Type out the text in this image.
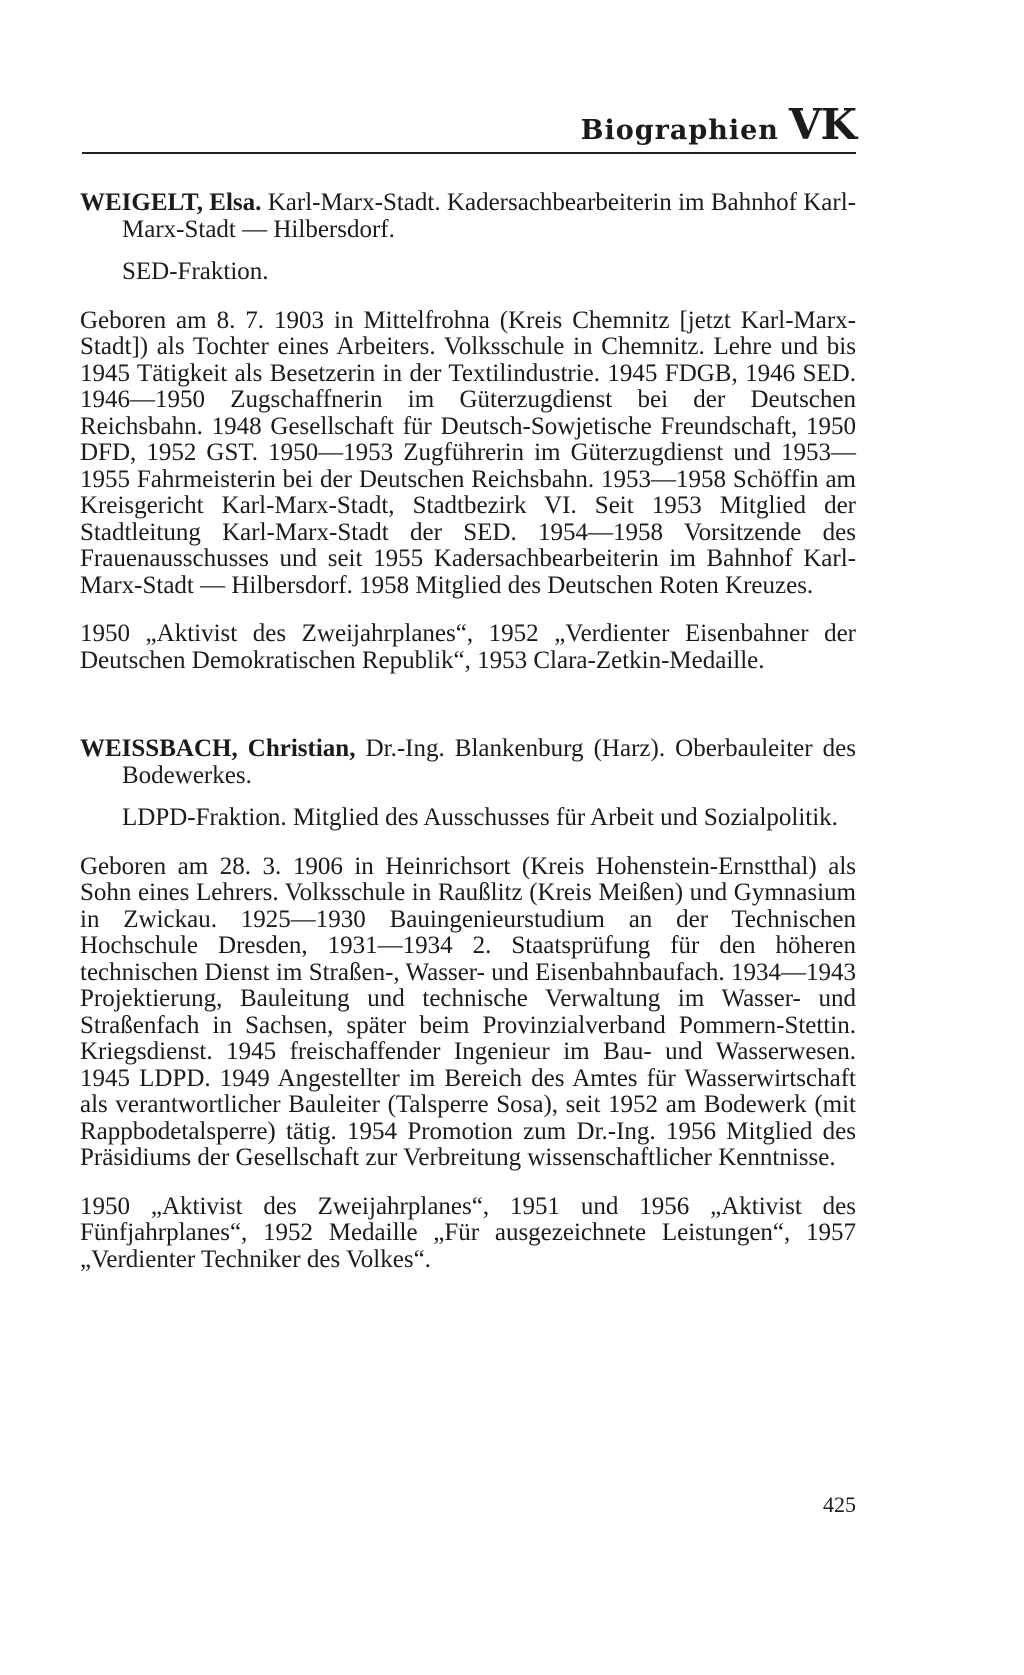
Biographien VK

WEIGELT, Elsa. Karl-Marx-Stadt. Kadersachbearbeiterin im Bahnhof Karl-Marx-Stadt — Hilbersdorf.

SED-Fraktion.

Geboren am 8. 7. 1903 in Mittelfrohna (Kreis Chemnitz [jetzt Karl-Marx-Stadt]) als Tochter eines Arbeiters. Volksschule in Chemnitz. Lehre und bis 1945 Tätigkeit als Besetzerin in der Textilindustrie. 1945 FDGB, 1946 SED. 1946—1950 Zugschaffnerin im Güterzugdienst bei der Deutschen Reichsbahn. 1948 Gesellschaft für Deutsch-Sowjetische Freundschaft, 1950 DFD, 1952 GST. 1950—1953 Zugführerin im Güterzugdienst und 1953—1955 Fahrmeisterin bei der Deutschen Reichsbahn. 1953—1958 Schöffin am Kreisgericht Karl-Marx-Stadt, Stadtbezirk VI. Seit 1953 Mitglied der Stadtleitung Karl-Marx-Stadt der SED. 1954—1958 Vorsitzende des Frauenausschusses und seit 1955 Kadersachbearbeiterin im Bahnhof Karl-Marx-Stadt — Hilbersdorf. 1958 Mitglied des Deutschen Roten Kreuzes.

1950 „Aktivist des Zweijahrplanes“, 1952 „Verdienter Eisenbahner der Deutschen Demokratischen Republik“, 1953 Clara-Zetkin-Medaille.

WEISSBACH, Christian, Dr.-Ing. Blankenburg (Harz). Oberbauleiter des Bodewerkes.

LDPD-Fraktion. Mitglied des Ausschusses für Arbeit und Sozialpolitik.

Geboren am 28. 3. 1906 in Heinrichsort (Kreis Hohenstein-Ernstthal) als Sohn eines Lehrers. Volksschule in Raußlitz (Kreis Meißen) und Gymnasium in Zwickau. 1925—1930 Bauingenieurstudium an der Technischen Hochschule Dresden, 1931—1934 2. Staatsprüfung für den höheren technischen Dienst im Straßen-, Wasser- und Eisenbahnbaufach. 1934—1943 Projektierung, Bauleitung und technische Verwaltung im Wasser- und Straßenfach in Sachsen, später beim Provinzialverband Pommern-Stettin. Kriegsdienst. 1945 freischaffender Ingenieur im Bau- und Wasserwesen. 1945 LDPD. 1949 Angestellter im Bereich des Amtes für Wasserwirtschaft als verantwortlicher Bauleiter (Talsperre Sosa), seit 1952 am Bodewerk (mit Rappbodetalsperre) tätig. 1954 Promotion zum Dr.-Ing. 1956 Mitglied des Präsidiums der Gesellschaft zur Verbreitung wissenschaftlicher Kenntnisse.

1950 „Aktivist des Zweijahrplanes“, 1951 und 1956 „Aktivist des Fünfjahrplanes“, 1952 Medaille „Für ausgezeichnete Leistungen“, 1957 „Verdienter Techniker des Volkes“.

425
